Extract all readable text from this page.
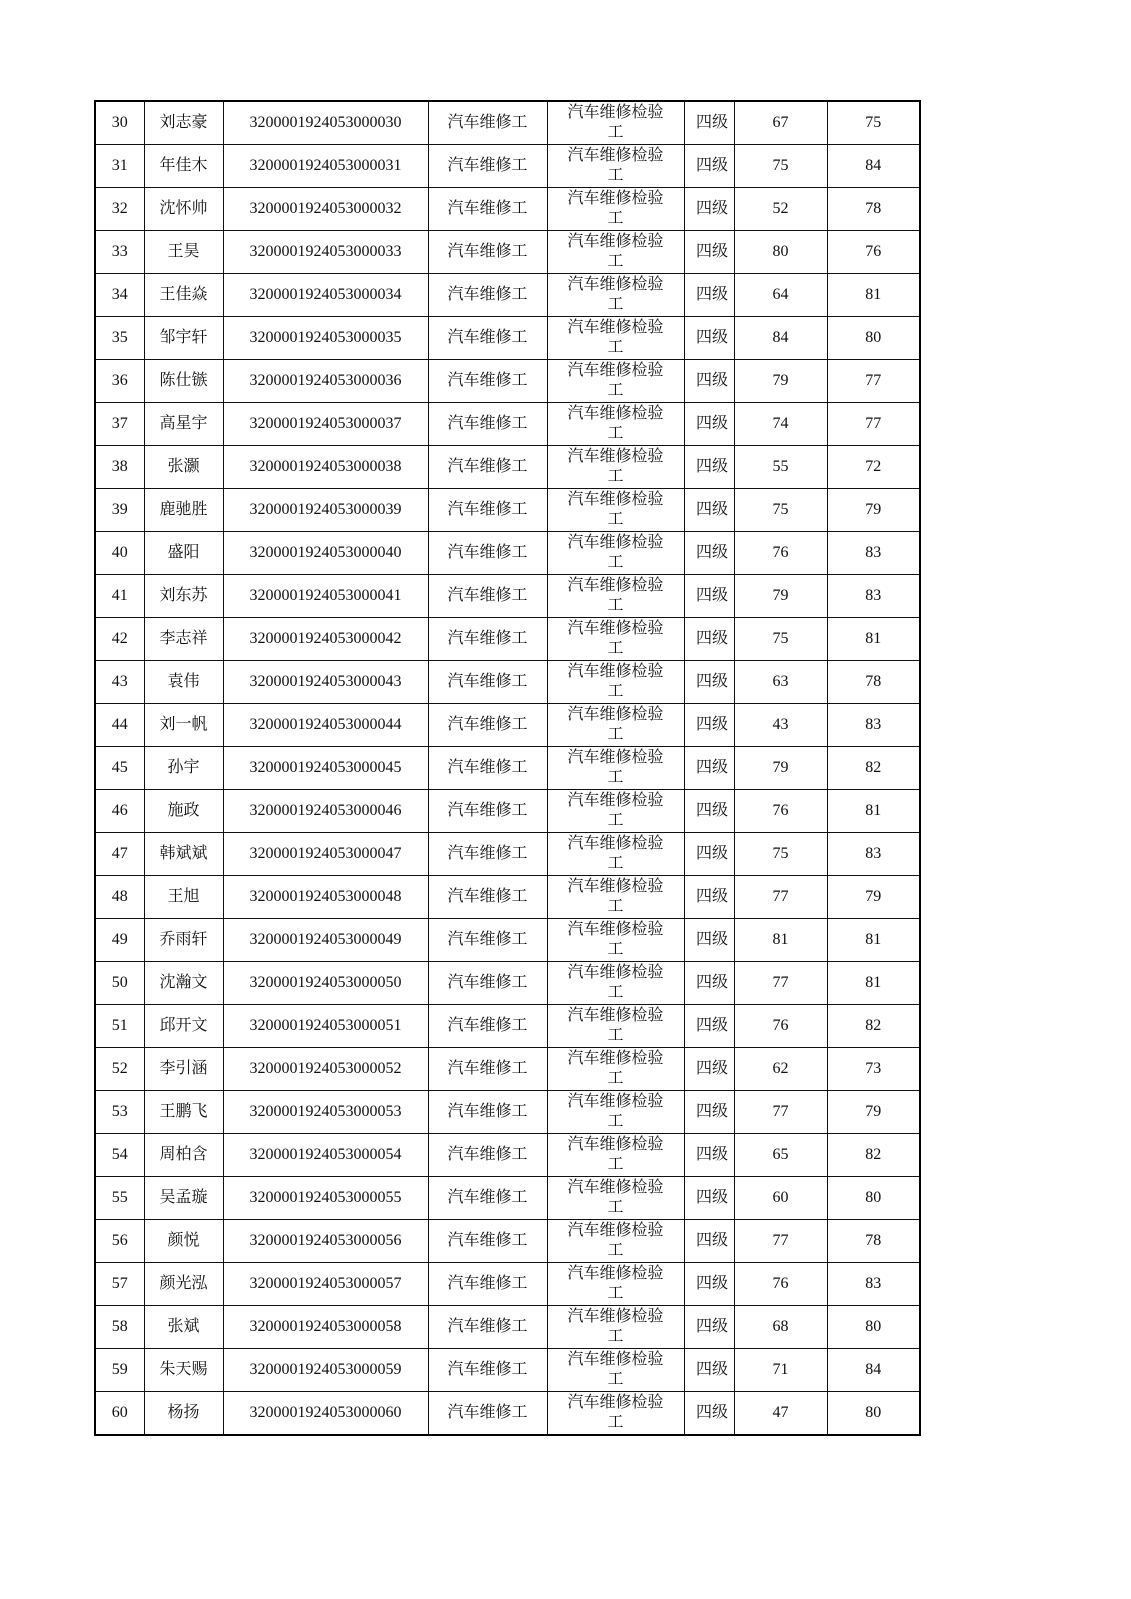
30	刘志豪	3200001924053000030	汽车维修工	汽车维修检验工	四级	67	75
31	年佳木	3200001924053000031	汽车维修工	汽车维修检验工	四级	75	84
32	沈怀帅	3200001924053000032	汽车维修工	汽车维修检验工	四级	52	78
33	王昊	3200001924053000033	汽车维修工	汽车维修检验工	四级	80	76
34	王佳焱	3200001924053000034	汽车维修工	汽车维修检验工	四级	64	81
35	邹宇轩	3200001924053000035	汽车维修工	汽车维修检验工	四级	84	80
36	陈仕镞	3200001924053000036	汽车维修工	汽车维修检验工	四级	79	77
37	高星宇	3200001924053000037	汽车维修工	汽车维修检验工	四级	74	77
38	张灏	3200001924053000038	汽车维修工	汽车维修检验工	四级	55	72
39	鹿驰胜	3200001924053000039	汽车维修工	汽车维修检验工	四级	75	79
40	盛阳	3200001924053000040	汽车维修工	汽车维修检验工	四级	76	83
41	刘东苏	3200001924053000041	汽车维修工	汽车维修检验工	四级	79	83
42	李志祥	3200001924053000042	汽车维修工	汽车维修检验工	四级	75	81
43	袁伟	3200001924053000043	汽车维修工	汽车维修检验工	四级	63	78
44	刘一帆	3200001924053000044	汽车维修工	汽车维修检验工	四级	43	83
45	孙宇	3200001924053000045	汽车维修工	汽车维修检验工	四级	79	82
46	施政	3200001924053000046	汽车维修工	汽车维修检验工	四级	76	81
47	韩斌斌	3200001924053000047	汽车维修工	汽车维修检验工	四级	75	83
48	王旭	3200001924053000048	汽车维修工	汽车维修检验工	四级	77	79
49	乔雨轩	3200001924053000049	汽车维修工	汽车维修检验工	四级	81	81
50	沈瀚文	3200001924053000050	汽车维修工	汽车维修检验工	四级	77	81
51	邱开文	3200001924053000051	汽车维修工	汽车维修检验工	四级	76	82
52	李引涵	3200001924053000052	汽车维修工	汽车维修检验工	四级	62	73
53	王鹏飞	3200001924053000053	汽车维修工	汽车维修检验工	四级	77	79
54	周柏含	3200001924053000054	汽车维修工	汽车维修检验工	四级	65	82
55	吴孟璇	3200001924053000055	汽车维修工	汽车维修检验工	四级	60	80
56	颜悦	3200001924053000056	汽车维修工	汽车维修检验工	四级	77	78
57	颜光泓	3200001924053000057	汽车维修工	汽车维修检验工	四级	76	83
58	张斌	3200001924053000058	汽车维修工	汽车维修检验工	四级	68	80
59	朱天赐	3200001924053000059	汽车维修工	汽车维修检验工	四级	71	84
60	杨扬	3200001924053000060	汽车维修工	汽车维修检验工	四级	47	80
